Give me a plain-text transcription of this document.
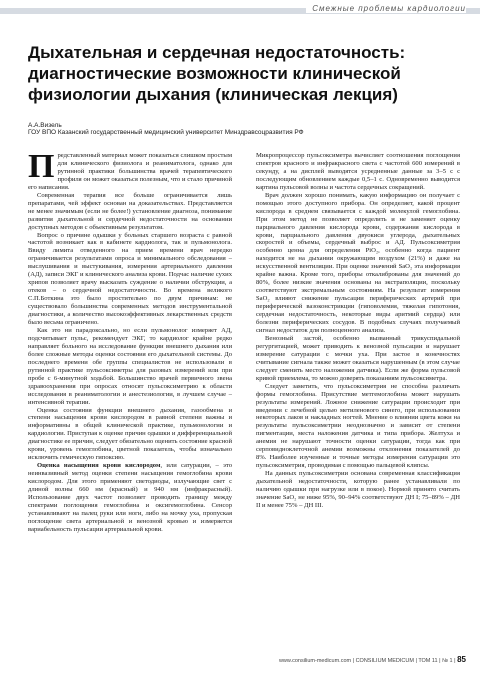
Смежные проблемы кардиологии
Дыхательная и сердечная недостаточность: диагностические возможности клинической физиологии дыхания (клиническая лекция)
А.А.Визель
ГОУ ВПО Казанский государственный медицинский университет Минздравсоцразвития РФ

Представленный материал может показаться слишком простым для клинического физиолога и реаниматолога, однако для рутинной практики большинства врачей терапевтического профиля он может оказаться полезным, что и стало причиной его написания.

Современная терапия все больше ограничивается лишь препаратами, чей эффект основан на доказательствах. Представляется не менее значимым (если не более!) установление диагноза, понимание развития дыхательной и сердечной недостаточности на основании доступных методов с объективным результатом.

Вопрос о причине одышки у больных старшего возраста с равной частотой возникает как в кабинете кардиолога, так и пульмонолога. Ввиду лимита отведенного на прием времени врач нередко ограничивается результатами опроса и минимального обследования – выслушивания и выстукивания, измерения артериального давления (АД), записи ЭКГ и клинического анализа крови. Подчас наличие сухих хрипов позволяет врачу высказать суждение о наличии обструкции, а отеков – о сердечной недостаточности. Во времена великого С.П.Боткина это было простительно по двум причинам: не существовало большинства современных методов инструментальной диагностики, а количество высокоэффективных лекарственных средств было весьма ограничено.

Как это ни парадоксально, но если пульмонолог измеряет АД, подсчитывает пульс, рекомендует ЭКГ, то кардиолог крайне редко направляет больного на исследование функции внешнего дыхания или более сложные методы оценки состояния его дыхательной системы. До последнего времени обе группы специалистов не использовали в рутинной практике пульсоксиметры для разовых измерений или при пробе с 6-минутной ходьбой. Большинство врачей первичного звена здравоохранения при опросах относят пульсоксиметрию к области исследования в реаниматологии и анестезиологии, в лучшем случае – интенсивной терапии.

Оценка состояния функции внешнего дыхания, газообмена и степени насыщения крови кислородом в равной степени важны и информативны в общей клинической практике, пульмонологии и кардиологии. Приступая к оценке причин одышки и дифференциальной диагностике ее причин, следует обязательно оценить состояние красной крови, уровень гемоглобина, цветной показатель, чтобы изначально исключить гемическую гипоксию.

Оценка насыщения крови кислородом, или сатурации, – это неинвазивный метод оценки степени насыщения гемоглобина крови кислородом. Для этого применяют светодиоды, излучающие свет с длиной волны 660 нм (красный) и 940 нм (инфракрасный). Использование двух частот позволяет проводить границу между спектрами поглощения гемоглобина и оксигемоглобина. Сенсор устанавливают на палец руки или ноги, либо на мочку уха, пропуская поглощение света артериальной и венозной кровью и измеряется вариабельность пульсации артериальной крови.

Микропроцессор пульсоксиметра вычисляет соотношения поглощения спектров красного и инфракрасного света с частотой 600 измерений в секунду, а на дисплей выводятся усредненные данные за 3–5 с с последующим обновлением каждые 0,5–1 с. Одновременно выводится картина пульсовой волны и частота сердечных сокращений.

Врач должен хорошо понимать, какую информацию он получает с помощью этого доступного прибора. Он определяет, какой процент кислорода в среднем связывается с каждой молекулой гемоглобина. При этом метод не позволяет определить и не заменяет оценку парциального давления кислорода крови, содержания кислорода в крови, парциального давления двуокиси углерода, дыхательных скоростей и объемы, сердечный выброс и АД. Пульсоксиметрия особенно ценна для определения PiO₂, особенно когда пациент находится не на дыхании окружающим воздухом (21%) и даже на искусственной вентиляции. При оценке значений SaO₂ эта информация крайне важна. Кроме того, приборы откалиброваны для значений до 80%, более низкие значения основаны на экстраполяции, поскольку соответствуют экстремальным состояниям. На результат измерения SaO₂ влияют снижение пульсации периферических артерий при периферической вазоконстрикции (гиповолемия, тяжелая гипотония, сердечная недостаточность, некоторые виды аритмий сердца) или болезни периферических сосудов. В подобных случаях получаемый сигнал недостаток для полноценного анализа.

Венозный застой, особенно вызванный трикуспидальной регургитацией, может приводить к венозной пульсации и нарушает измерение сатурации с мочки уха. При застое в конечностях считывание сигнала также может оказаться нарушенным (в этом случае следует сменить место наложения датчика). Если же форма пульсовой кривой приемлема, то можно доверять показаниям пульсоксиметра.

Следует заметить, что пульсоксиметрия не способна различать формы гемоглобина. Присутствие метгемоглобина может нарушать результаты измерений. Ложное снижение сатурации происходит при введении с лечебной целью метиленового синего, при использовании некоторых лаков и накладных ногтей. Мнение о влиянии цвета кожи на результаты пульсоксиметрии неоднозначно и зависит от степени пигментации, места наложения датчика и типа прибора. Желтуха и анемия не нарушают точности оценки сатурации, тогда как при серповидноклеточной анемии возможны отклонения показателей до 8%. Наиболее изученные и точные методы измерения сатурации это пульсоксиметрия, проводимая с помощью пальцевой клипсы.

На данных пульсоксиметрии основана современная классификация дыхательной недостаточности, которую ранее устанавливали по наличию одышки при нагрузке или в покое). Нормой принято считать значение SaO₂ не ниже 95%, 90–94% соответствуют ДН I; 75–89% – ДН II и менее 75% – ДН III.

www.consilium-medicum.com | CONSILIUM MEDICUM | ТОМ 11 | № 1 | 85
